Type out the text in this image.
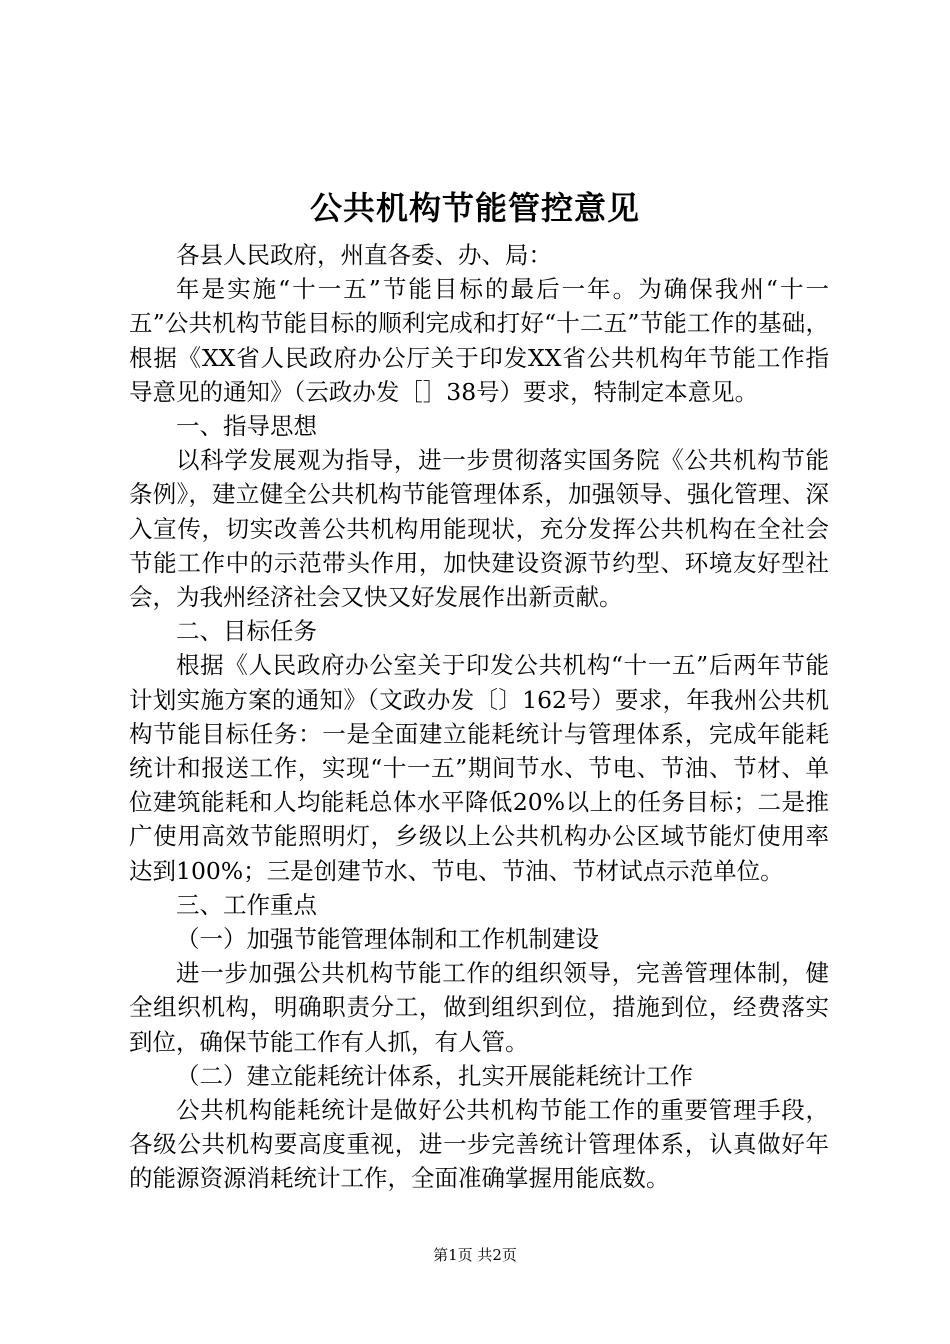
公共机构节能管控意见

各县人民政府，州直各委、办、局：

年是实施“十一五”节能目标的最后一年。为确保我州“十一五”公共机构节能目标的顺利完成和打好“十二五”节能工作的基础，根据《XX省人民政府办公厅关于印发XX省公共机构年节能工作指导意见的通知》（云政办发［］38号）要求，特制定本意见。

一、指导思想

以科学发展观为指导，进一步贯彻落实国务院《公共机构节能条例》，建立健全公共机构节能管理体系，加强领导、强化管理、深入宣传，切实改善公共机构用能现状，充分发挥公共机构在全社会节能工作中的示范带头作用，加快建设资源节约型、环境友好型社会，为我州经济社会又快又好发展作出新贡献。

二、目标任务

根据《人民政府办公室关于印发公共机构“十一五”后两年节能计划实施方案的通知》（文政办发〔〕162号）要求，年我州公共机构节能目标任务：一是全面建立能耗统计与管理体系，完成年能耗统计和报送工作，实现“十一五”期间节水、节电、节油、节材、单位建筑能耗和人均能耗总体水平降低20%以上的任务目标；二是推广使用高效节能照明灯，乡级以上公共机构办公区域节能灯使用率达到100%；三是创建节水、节电、节油、节材试点示范单位。

三、工作重点

（一）加强节能管理体制和工作机制建设

进一步加强公共机构节能工作的组织领导，完善管理体制，健全组织机构，明确职责分工，做到组织到位，措施到位，经费落实到位，确保节能工作有人抓，有人管。

（二）建立能耗统计体系，扎实开展能耗统计工作

公共机构能耗统计是做好公共机构节能工作的重要管理手段，各级公共机构要高度重视，进一步完善统计管理体系，认真做好年的能源资源消耗统计工作，全面准确掌握用能底数。

第1页 共2页
